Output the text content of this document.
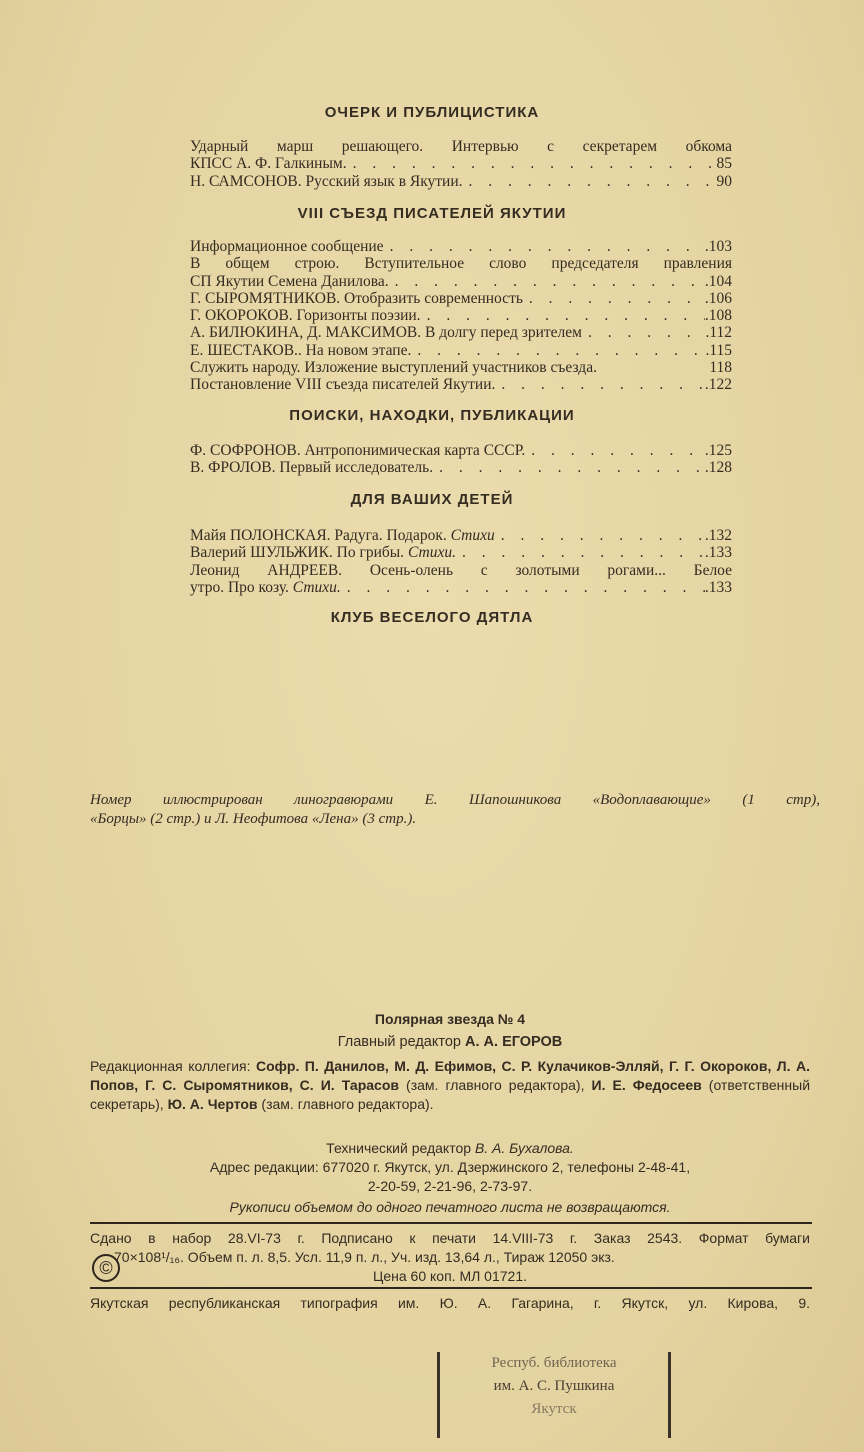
ОЧЕРК И ПУБЛИЦИСТИКА
Ударный марш решающего. Интервью с секретарем обкома
КПСС А. Ф. Галкиным. . . .	85
Н. САМСОНОВ. Русский язык в Якутии. . . .	90
VIII СЪЕЗД ПИСАТЕЛЕЙ ЯКУТИИ
Информационное сообщение . . .	.103
В общем строю. Вступительное слово председателя правления
СП Якутии Семена Данилова. . . .	.104
Г. СЫРОМЯТНИКОВ. Отобразить современность . . .	.106
Г. ОКОРОКОВ. Горизонты поэзии. . . .	.108
А. БИЛЮКИНА, Д. МАКСИМОВ. В долгу перед зрителем . . .	.112
Е. ШЕСТАКОВ.. На новом этапе. . . .	.115
Служить народу. Изложение выступлений участников съезда.	118
Постановление VIII съезда писателей Якутии. . . .	.122
ПОИСКИ, НАХОДКИ, ПУБЛИКАЦИИ
Ф. СОФРОНОВ. Антропонимическая карта СССР. . . .	.125
В. ФРОЛОВ. Первый исследователь. . . .	.128
ДЛЯ ВАШИХ ДЕТЕЙ
Майя ПОЛОНСКАЯ. Радуга. Подарок. Стихи . . .	.132
Валерий ШУЛЬЖИК. По грибы. Стихи. . . .	.133
Леонид АНДРЕЕВ. Осень-олень с золотыми рогами... Белое
утро. Про козу. Стихи. . . .	.133
КЛУБ ВЕСЕЛОГО ДЯТЛА
Номер иллюстрирован линогравюрами Е. Шапошникова «Водоплавающие» (1 стр),
«Борцы» (2 стр.) и Л. Неофитова «Лена» (3 стр.).
Полярная звезда № 4
Главный редактор А. А. ЕГОРОВ
Редакционная коллегия: Софр. П. Данилов, М. Д. Ефимов, С. Р. Кулачиков-Элляй, Г. Г. Окороков, Л. А. Попов, Г. С. Сыромятников, С. И. Тарасов (зам. главного редактора), И. Е. Федосеев (ответственный секретарь), Ю. А. Чертов (зам. главного редактора).
Технический редактор В. А. Бухалова.
Адрес редакции: 677020 г. Якутск, ул. Дзержинского 2, телефоны 2-48-41,
2-20-59, 2-21-96, 2-73-97.
Рукописи объемом до одного печатного листа не возвращаются.
Сдано в набор 28.VI-73 г. Подписано к печати 14.VIII-73 г. Заказ 2543. Формат бумаги
70×108¹/₁₆. Объем п. л. 8,5. Усл. 11,9 п. л., Уч. изд. 13,64 л., Тираж 12050 экз.
Цена 60 коп. МЛ 01721.
©
Якутская республиканская типография им. Ю. А. Гагарина, г. Якутск, ул. Кирова, 9.
Респуб. библиотека
им. А. С. Пушкина
Якутск
